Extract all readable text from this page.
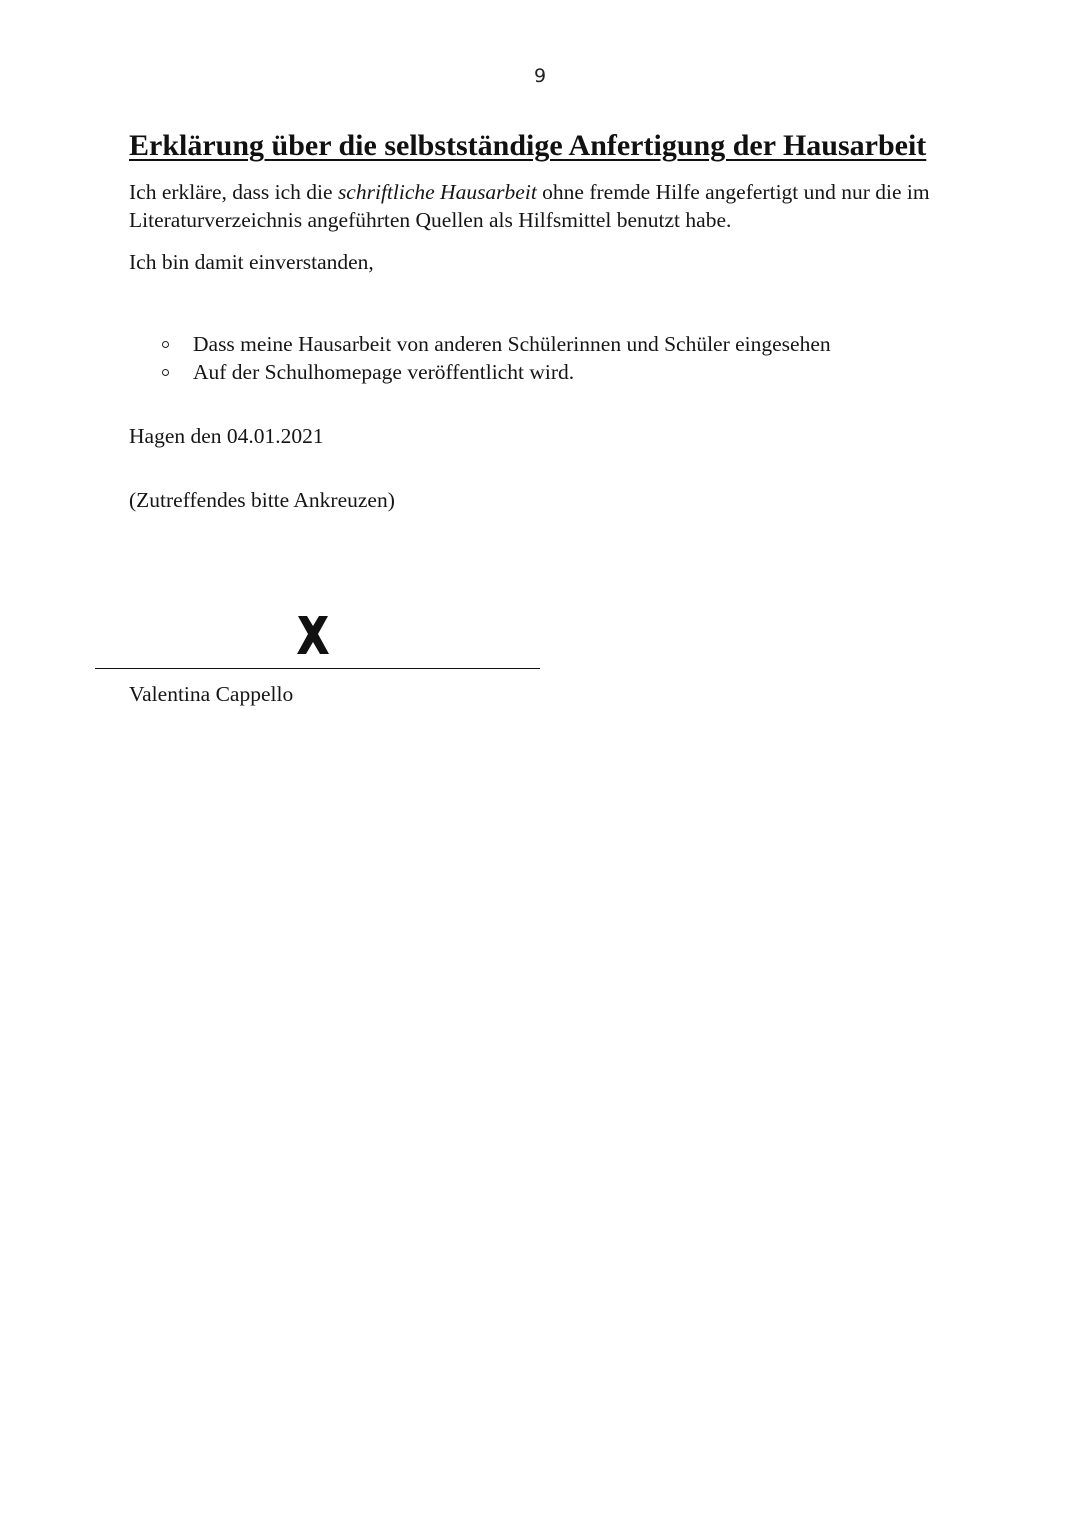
9
Erklärung über die selbstständige Anfertigung der Hausarbeit

Ich erkläre, dass ich die schriftliche Hausarbeit ohne fremde Hilfe angefertigt und nur die im Literaturverzeichnis angeführten Quellen als Hilfsmittel benutzt habe.

Ich bin damit einverstanden,

Dass meine Hausarbeit von anderen Schülerinnen und Schüler eingesehen
Auf der Schulhomepage veröffentlicht wird.

Hagen den 04.01.2021

(Zutreffendes bitte Ankreuzen)

Valentina Cappello
